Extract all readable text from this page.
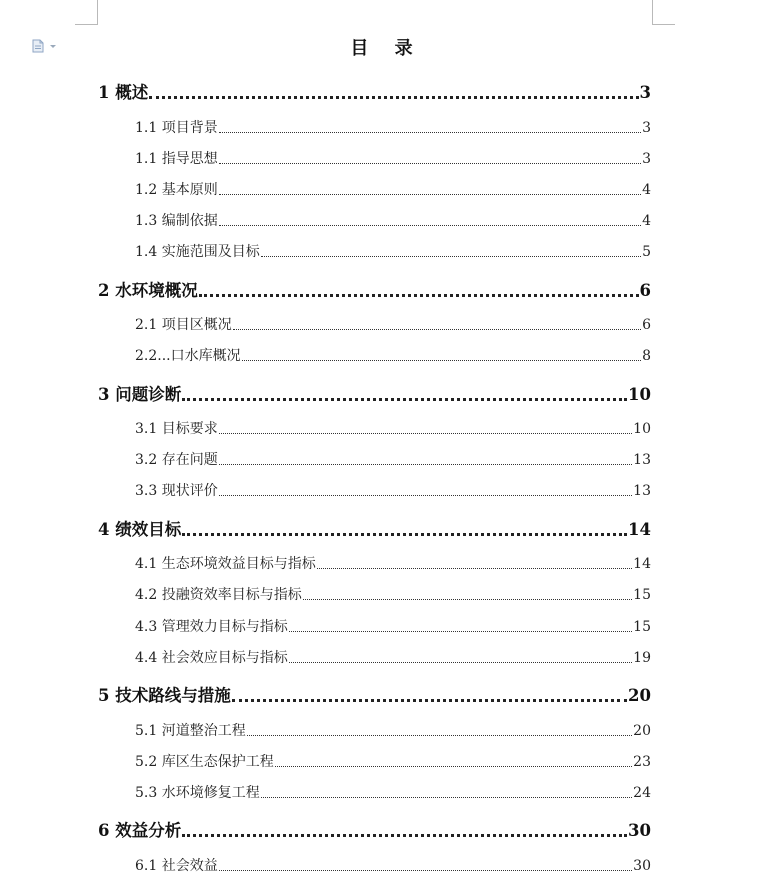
目 录
1 概述	3
1.1 项目背景	3
1.1 指导思想	3
1.2 基本原则	4
1.3 编制依据	4
1.4 实施范围及目标	5
2 水环境概况	6
2.1 项目区概况	6
2.2...口水库概况	8
3 问题诊断	10
3.1 目标要求	10
3.2 存在问题	13
3.3 现状评价	13
4 绩效目标	14
4.1 生态环境效益目标与指标	14
4.2 投融资效率目标与指标	15
4.3 管理效力目标与指标	15
4.4 社会效应目标与指标	19
5 技术路线与措施	20
5.1 河道整治工程	20
5.2 库区生态保护工程	23
5.3 水环境修复工程	24
6 效益分析	30
6.1 社会效益	30
